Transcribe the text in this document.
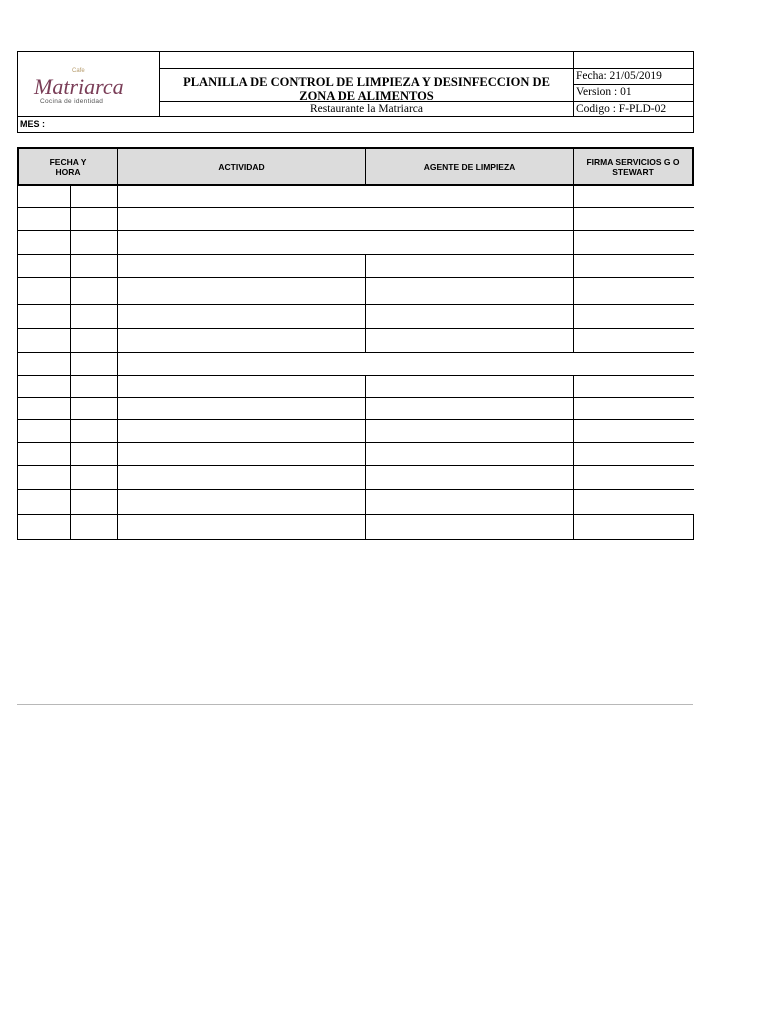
Cafe
Matriarca
Cocina de identidad
PLANILLA DE CONTROL DE LIMPIEZA Y DESINFECCION DE ZONA DE ALIMENTOS
Fecha: 21/05/2019
Version : 01
Restaurante la Matriarca	Codigo : F-PLD-02
MES :
FECHA Y HORA	ACTIVIDAD	AGENTE DE LIMPIEZA	FIRMA SERVICIOS G O STEWART
